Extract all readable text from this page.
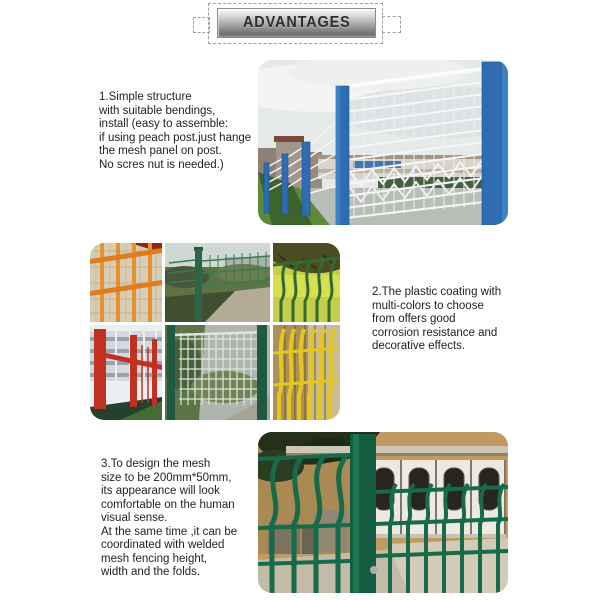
ADVANTAGES
1.Simple structure
with suitable bendings,
install (easy to assemble:
if using peach post.just hange
the mesh panel on post.
No scres nut is needed.)
2.The plastic coating with
multi-colors to choose
from offers good
corrosion resistance and
decorative effects.
3.To design the mesh
size to be 200mm*50mm,
its appearance will look
comfortable on the human
visual sense.
At the same time ,it can be
coordinated with welded
mesh fencing height,
width and the folds.
